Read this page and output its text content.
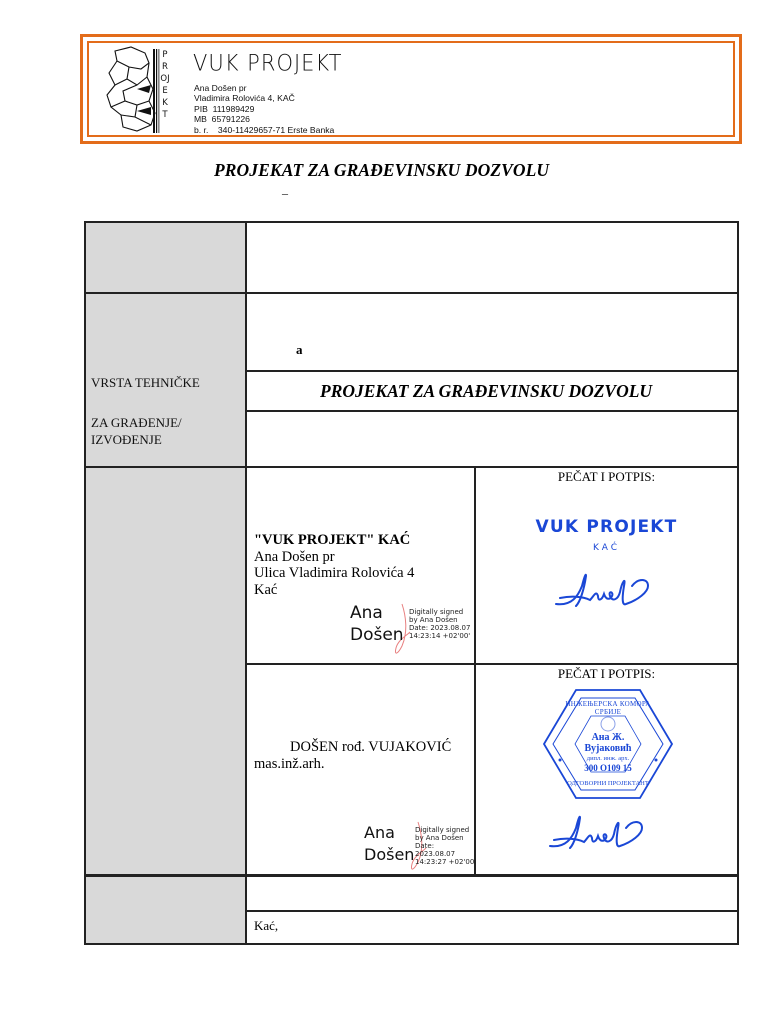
PROJEKT
VUK PROJEKT
Ana Došen pr
Vladimira Rolovića 4, KAČ
PIB  111989429
MB  65791226
b. r.    340-11429657-71 Erste Banka
PROJEKAT ZA GRAĐEVINSKU DOZVOLU
–
a
VRSTA TEHNIČKE	PROJEKAT ZA GRAĐEVINSKU DOZVOLU
ZA GRAĐENJE/
IZVOĐENJE
"VUK PROJEKT" KAĆ
Ana Došen pr
Ulica Vladimira Rolovića 4
Kać
Ana
Došen
Digitally signed
by Ana Došen
Date: 2023.08.07
14:23:14 +02'00'
PEČAT I POTPIS:
VUK PROJEKT
KAĆ
DOŠEN rođ. VUJAKOVIĆ
mas.inž.arh.
Ana
Došen
Digitally signed
by Ana Došen
Date:
2023.08.07
14:23:27 +02'00'
PEČAT I POTPIS:
ИНЖЕЊЕРСКА КОМОРА СРБИЈЕ
Ана Ж.
Вујаковић
дипл. инж. арх.
300 O109 15
ОДГОВОРНИ ПРОЈЕКТАНТ
Kać,
